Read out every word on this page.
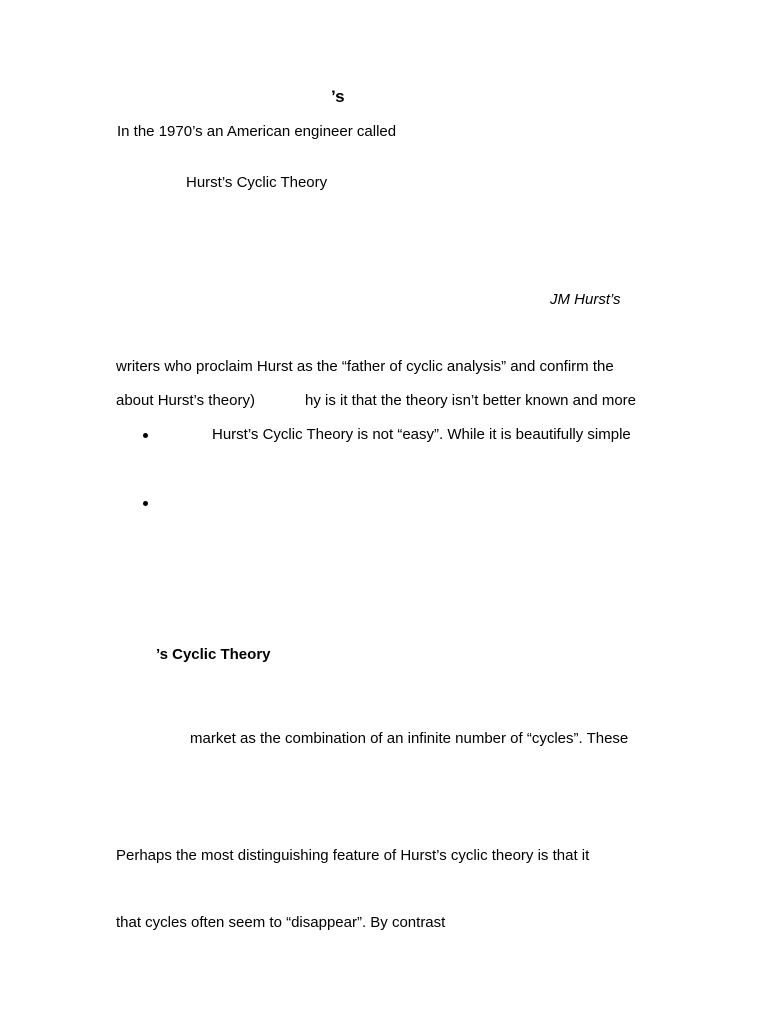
’s
In the 1970’s an American engineer called
Hurst’s Cyclic Theory
JM Hurst’s
writers who proclaim Hurst as the “father of cyclic analysis” and confirm the
about Hurst’s theory)	hy is it that the theory isn’t better known and more
Hurst’s Cyclic Theory is not “easy”. While it is beautifully simple
’s Cyclic Theory
market as the combination of an infinite number of “cycles”. These
Perhaps the most distinguishing feature of Hurst’s cyclic theory is that it
that cycles often seem to “disappear”. By contrast
